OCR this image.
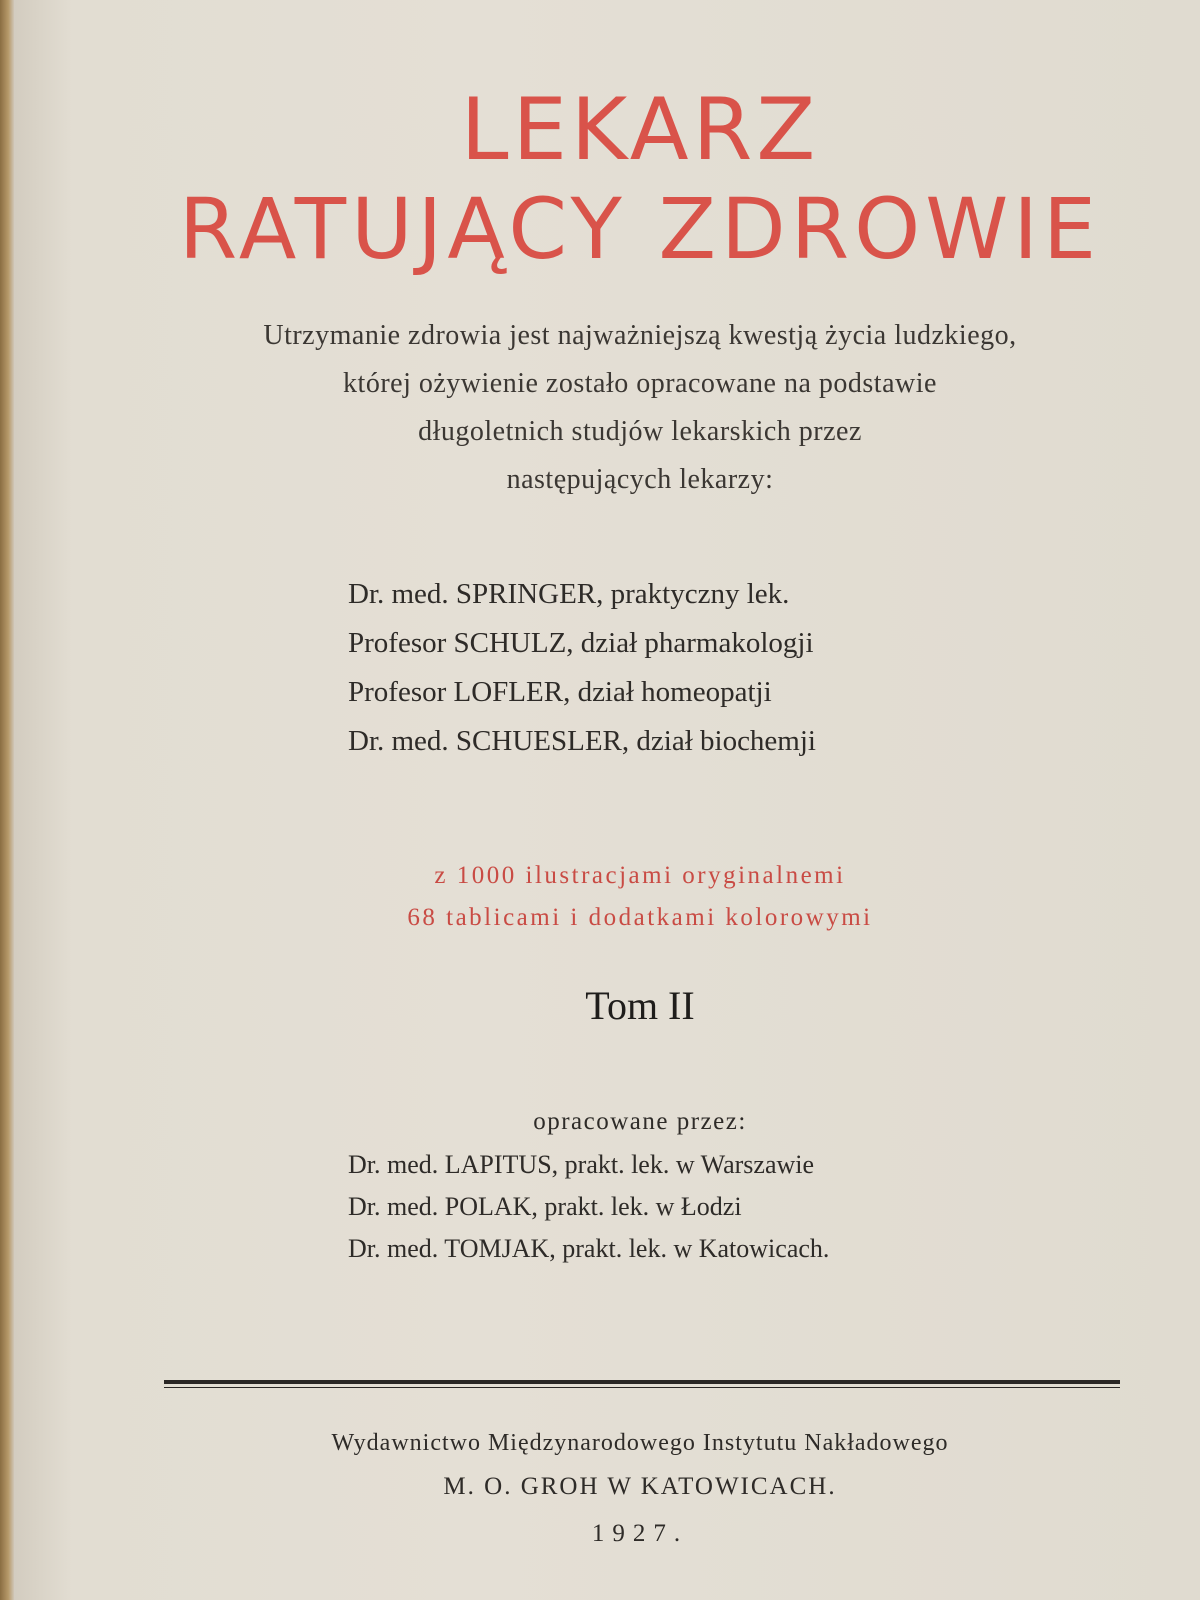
LEKARZ
RATUJĄCY ZDROWIE
Utrzymanie zdrowia jest najważniejszą kwestją życia ludzkiego,
której ożywienie zostało opracowane na podstawie
długoletnich studjów lekarskich przez
następujących lekarzy:
Dr. med. SPRINGER, praktyczny lek.
Profesor SCHULZ, dział pharmakologji
Profesor LOFLER, dział homeopatji
Dr. med. SCHUESLER, dział biochemji
z 1000 ilustracjami oryginalnemi
68 tablicami i dodatkami kolorowymi
Tom II
opracowane przez:
Dr. med. LAPITUS, prakt. lek. w Warszawie
Dr. med. POLAK, prakt. lek. w Łodzi
Dr. med. TOMJAK, prakt. lek. w Katowicach.
Wydawnictwo Międzynarodowego Instytutu Nakładowego
M. O. GROH W KATOWICACH.
1927.
